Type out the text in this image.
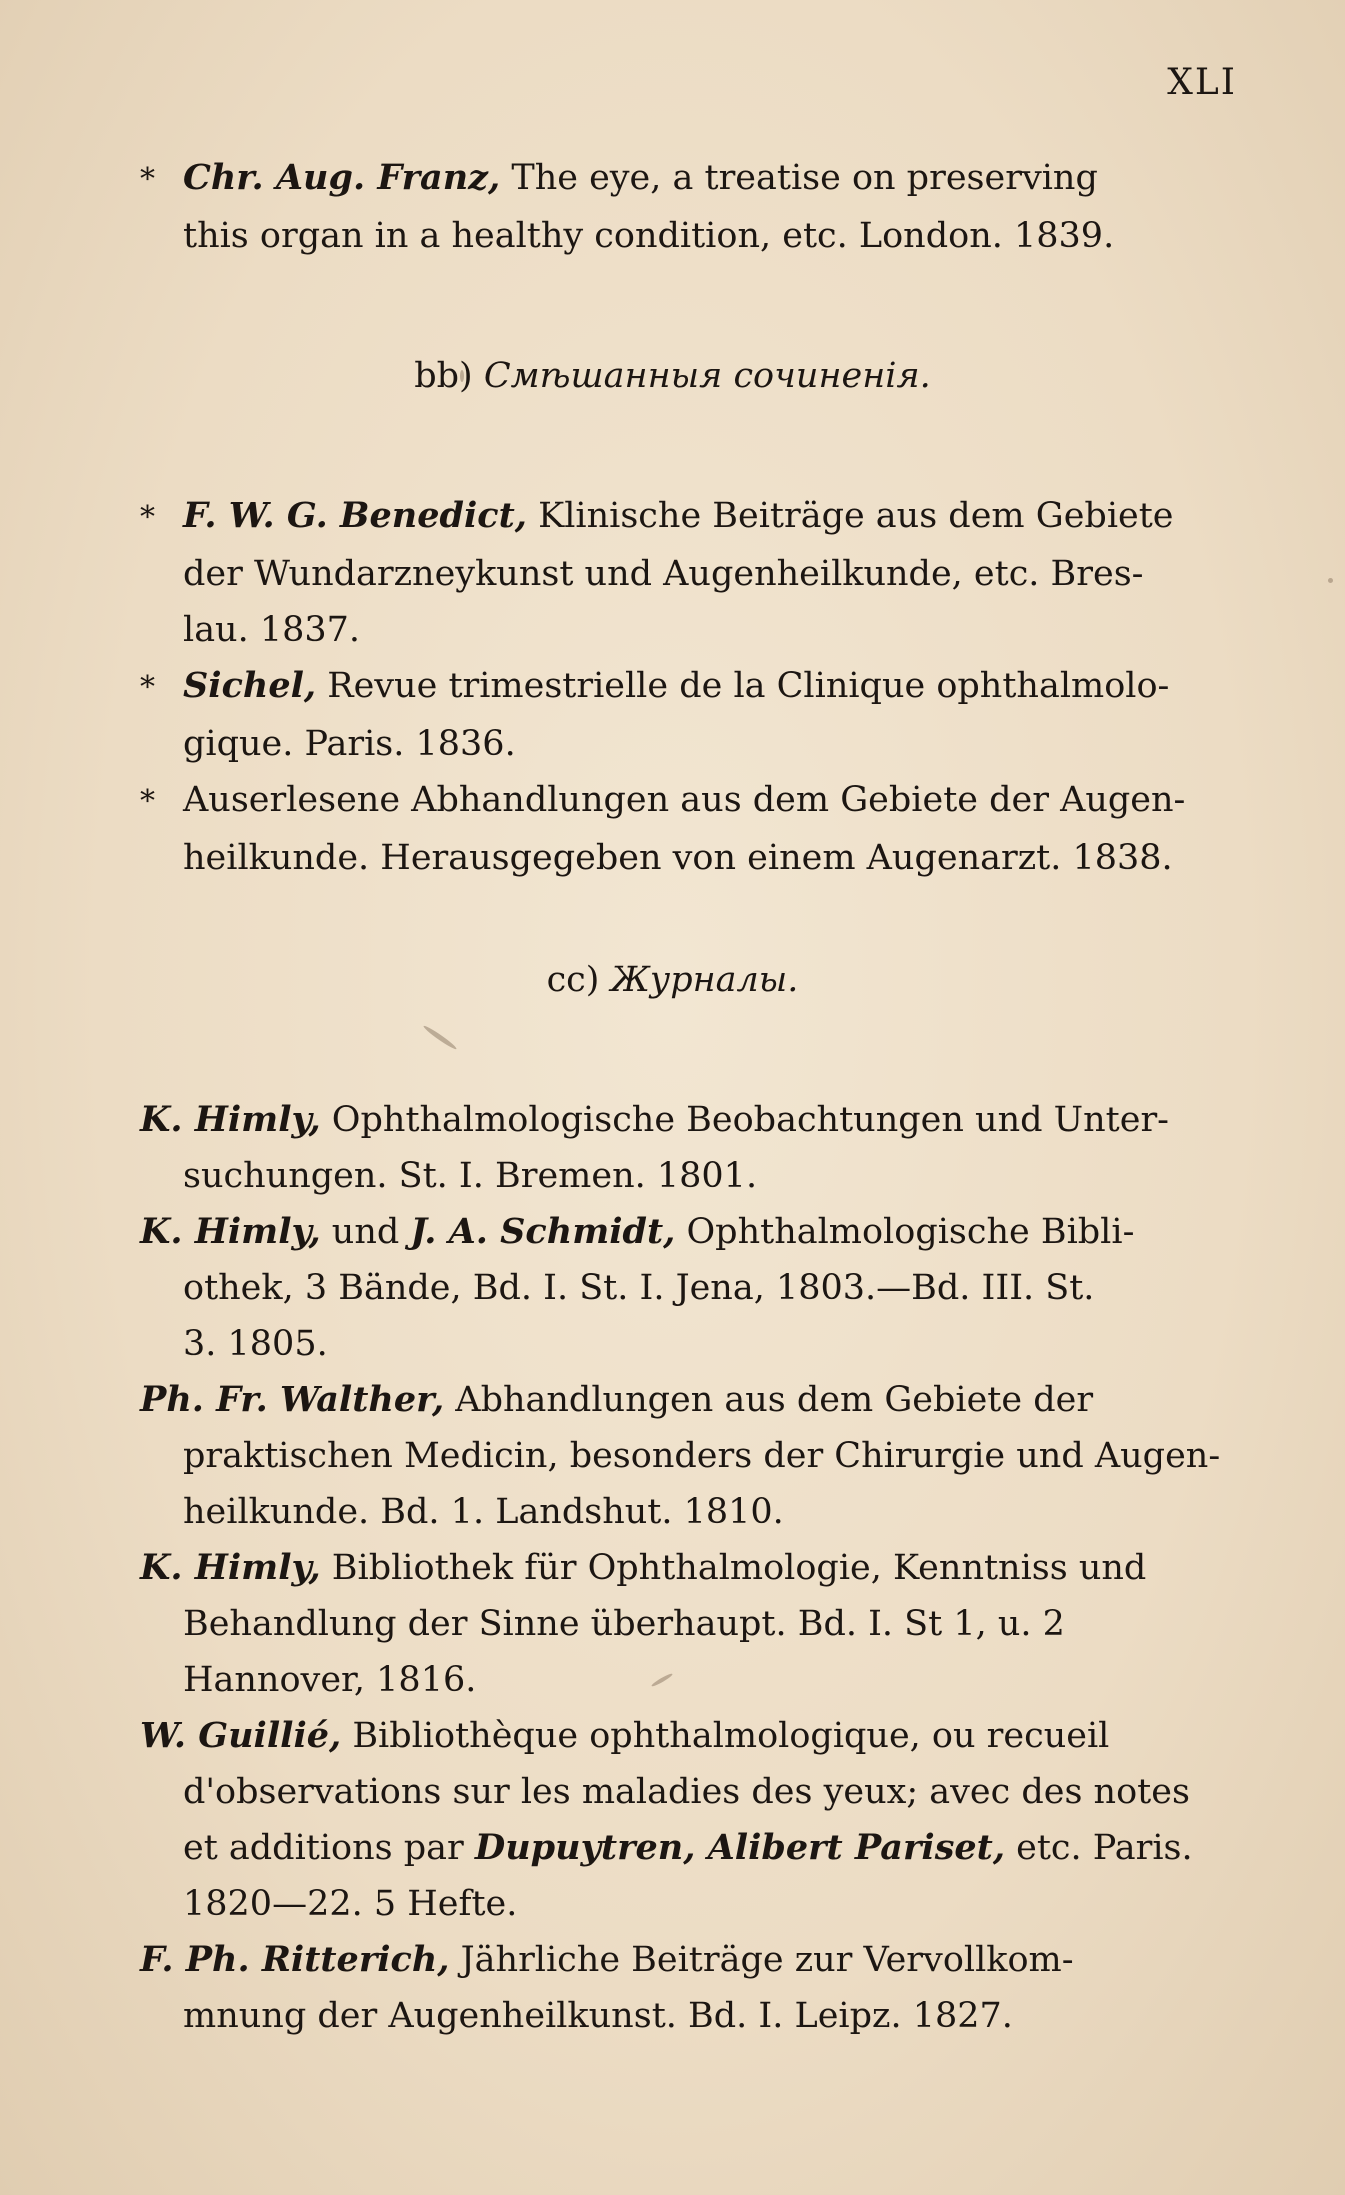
XLI
* Chr. Aug. Franz, The eye, a treatise on preserving
this organ in a healthy condition, etc. London. 1839.
bb) Смѣшанныя сочиненія.
* F. W. G. Benedict, Klinische Beiträge aus dem Gebiete
der Wundarzneykunst und Augenheilkunde, etc. Bres-
lau. 1837.
* Sichel, Revue trimestrielle de la Clinique ophthalmolo-
gique. Paris. 1836.
* Auserlesene Abhandlungen aus dem Gebiete der Augen-
heilkunde. Herausgegeben von einem Augenarzt. 1838.
cc) Журналы.
K. Himly, Ophthalmologische Beobachtungen und Unter-
suchungen. St. I. Bremen. 1801.
K. Himly, und J. A. Schmidt, Ophthalmologische Bibli-
othek, 3 Bände, Bd. I. St. I. Jena, 1803.—Bd. III. St.
3. 1805.
Ph. Fr. Walther, Abhandlungen aus dem Gebiete der
praktischen Medicin, besonders der Chirurgie und Augen-
heilkunde. Bd. 1. Landshut. 1810.
K. Himly, Bibliothek für Ophthalmologie, Kenntniss und
Behandlung der Sinne überhaupt. Bd. I. St 1, u. 2
Hannover, 1816.
W. Guillié, Bibliothèque ophthalmologique, ou recueil
d'observations sur les maladies des yeux; avec des notes
et additions par Dupuytren, Alibert Pariset, etc. Paris.
1820—22. 5 Hefte.
F. Ph. Ritterich, Jährliche Beiträge zur Vervollkom-
mnung der Augenheilkunst. Bd. I. Leipz. 1827.
